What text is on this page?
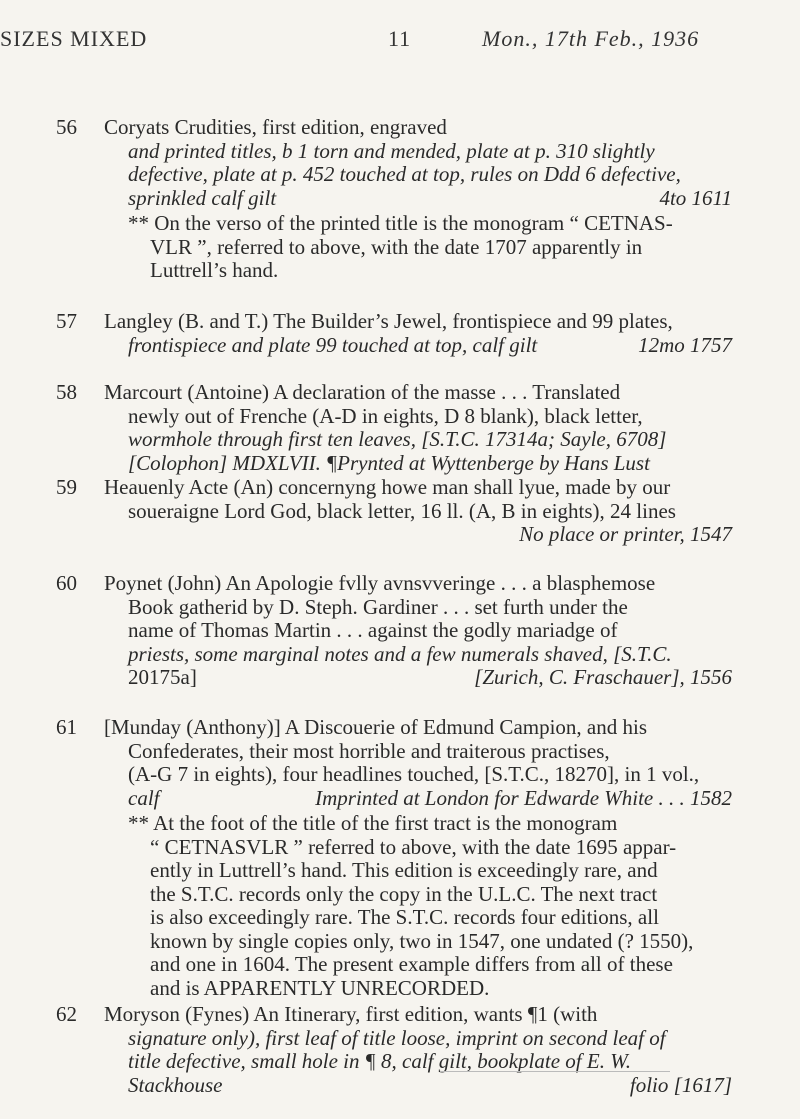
SIZES MIXED	11	Mon., 17th Feb., 1936
56 Coryats Crudities, first edition, engraved
and printed titles, b 1 torn and mended, plate at p. 310 slightly
defective, plate at p. 452 touched at top, rules on Ddd 6 defective,
sprinkled calf gilt	4to 1611
** On the verso of the printed title is the monogram “ CETNAS-
VLR ”, referred to above, with the date 1707 apparently in
Luttrell’s hand.
57 Langley (B. and T.) The Builder’s Jewel, frontispiece and 99 plates,
frontispiece and plate 99 touched at top, calf gilt	12mo 1757
58 Marcourt (Antoine) A declaration of the masse . . . Translated
newly out of Frenche (A-D in eights, D 8 blank), black letter,
wormhole through first ten leaves, [S.T.C. 17314a; Sayle, 6708]
[Colophon] MDXLVII. ¶Prynted at Wyttenberge by Hans Lust
59 Heauenly Acte (An) concernyng howe man shall lyue, made by our
soueraigne Lord God, black letter, 16 ll. (A, B in eights), 24 lines
No place or printer, 1547
60 Poynet (John) An Apologie fvlly avnsvveringe . . . a blasphemose
Book gatherid by D. Steph. Gardiner . . . set furth under the
name of Thomas Martin . . . against the godly mariadge of
priests, some marginal notes and a few numerals shaved, [S.T.C.
20175a]	[Zurich, C. Fraschauer], 1556
61 [Munday (Anthony)] A Discouerie of Edmund Campion, and his
Confederates, their most horrible and traiterous practises,
(A-G 7 in eights), four headlines touched, [S.T.C., 18270], in 1 vol.,
calf	Imprinted at London for Edwarde White . . . 1582
** At the foot of the title of the first tract is the monogram
“ CETNASVLR ” referred to above, with the date 1695 appar-
ently in Luttrell’s hand. This edition is exceedingly rare, and
the S.T.C. records only the copy in the U.L.C. The next tract
is also exceedingly rare. The S.T.C. records four editions, all
known by single copies only, two in 1547, one undated (? 1550),
and one in 1604. The present example differs from all of these
and is APPARENTLY UNRECORDED.
62 Moryson (Fynes) An Itinerary, first edition, wants ¶1 (with
signature only), first leaf of title loose, imprint on second leaf of
title defective, small hole in ¶ 8, calf gilt, bookplate of E. W.
Stackhouse	folio [1617]
